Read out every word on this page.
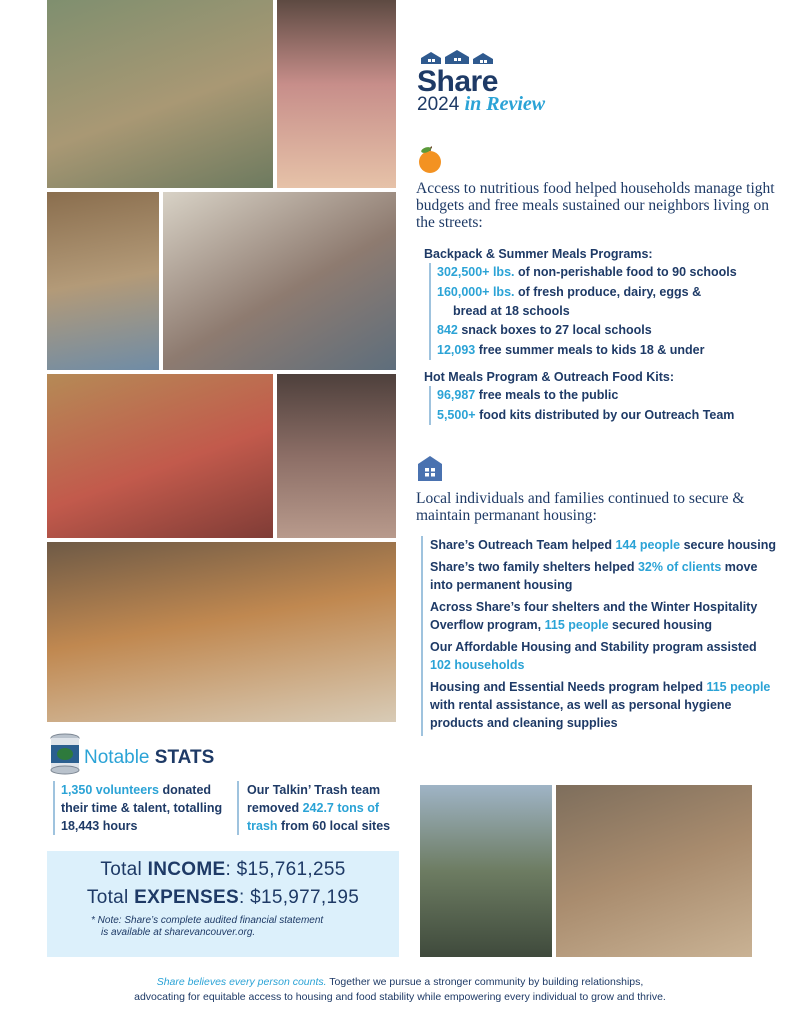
Share
2024 in Review
Access to nutritious food helped households manage tight budgets and free meals sustained our neighbors living on the streets:
Backpack & Summer Meals Programs:
302,500+ lbs. of non-perishable food to 90 schools
160,000+ lbs. of fresh produce, dairy, eggs &
bread at 18 schools
842 snack boxes to 27 local schools
12,093 free summer meals to kids 18 & under
Hot Meals Program & Outreach Food Kits:
96,987 free meals to the public
5,500+ food kits distributed by our Outreach Team
Local individuals and families continued to secure & maintain permanant housing:
Share’s Outreach Team helped 144 people secure housing
Share’s two family shelters helped 32% of clients move into permanent housing
Across Share’s four shelters and the Winter Hospitality Overflow program, 115 people secured housing
Our Affordable Housing and Stability program assisted 102 households
Housing and Essential Needs program helped 115 people with rental assistance, as well as personal hygiene products and cleaning supplies
Notable STATS
1,350 volunteers donated their time & talent, totalling 18,443 hours
Our Talkin’ Trash team removed 242.7 tons of trash from 60 local sites
Total INCOME: $15,761,255
Total EXPENSES: $15,977,195
* Note: Share’s complete audited financial statement
is available at sharevancouver.org.
Share believes every person counts. Together we pursue a stronger community by building relationships,
advocating for equitable access to housing and food stability while empowering every individual to grow and thrive.
